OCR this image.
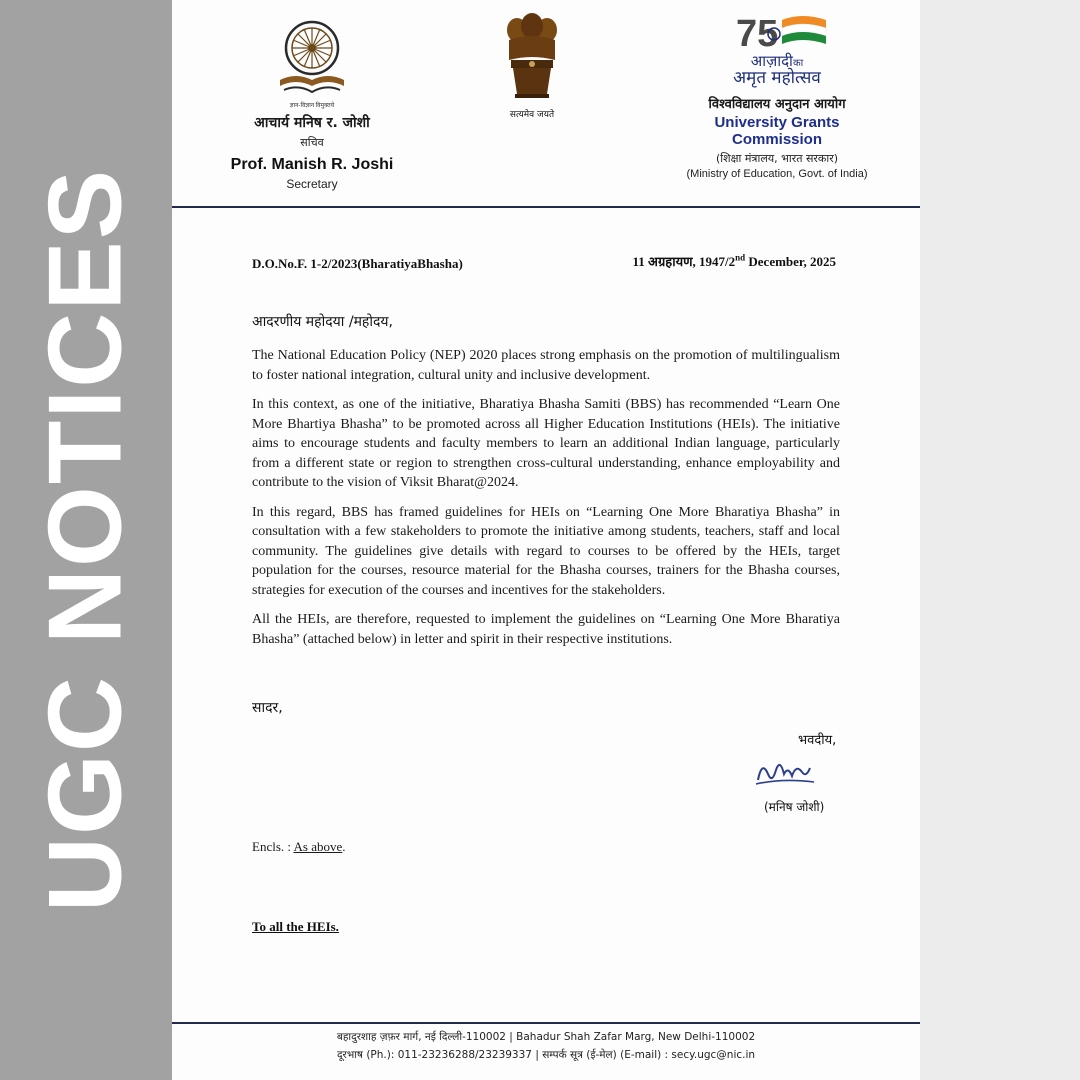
UGC NOTICES
ज्ञान-विज्ञान विमुक्तये
आचार्य मनिष र. जोशी
सचिव
Prof. Manish R. Joshi
Secretary
सत्यमेव जयते
75
आज़ादीका
अमृत महोत्सव
विश्वविद्यालय अनुदान आयोग
University Grants Commission
(शिक्षा मंत्रालय, भारत सरकार)
(Ministry of Education, Govt. of India)
D.O.No.F. 1-2/2023(BharatiyaBhasha)	11 अग्रहायण, 1947/2nd December, 2025
आदरणीय महोदया /महोदय,

The National Education Policy (NEP) 2020 places strong emphasis on the promotion of multilingualism to foster national integration, cultural unity and inclusive development.

In this context, as one of the initiative, Bharatiya Bhasha Samiti (BBS) has recommended “Learn One More Bhartiya Bhasha” to be promoted across all Higher Education Institutions (HEIs). The initiative aims to encourage students and faculty members to learn an additional Indian language, particularly from a different state or region to strengthen cross-cultural understanding, enhance employability and contribute to the vision of Viksit Bharat@2024.

In this regard, BBS has framed guidelines for HEIs on “Learning One More Bharatiya Bhasha” in consultation with a few stakeholders to promote the initiative among students, teachers, staff and local community. The guidelines give details with regard to courses to be offered by the HEIs, target population for the courses, resource material for the Bhasha courses, trainers for the Bhasha courses, strategies for execution of the courses and incentives for the stakeholders.

All the HEIs, are therefore, requested to implement the guidelines on “Learning One More Bharatiya Bhasha” (attached below) in letter and spirit in their respective institutions.

सादर,
भवदीय,
(मनिष जोशी)
Encls. : As above.
To all the HEIs.
बहादुरशाह ज़फ़र मार्ग, नई दिल्ली-110002 | Bahadur Shah Zafar Marg, New Delhi-110002
दूरभाष (Ph.): 011-23236288/23239337 | सम्पर्क सूत्र (ई-मेल) (E-mail) : secy.ugc@nic.in
